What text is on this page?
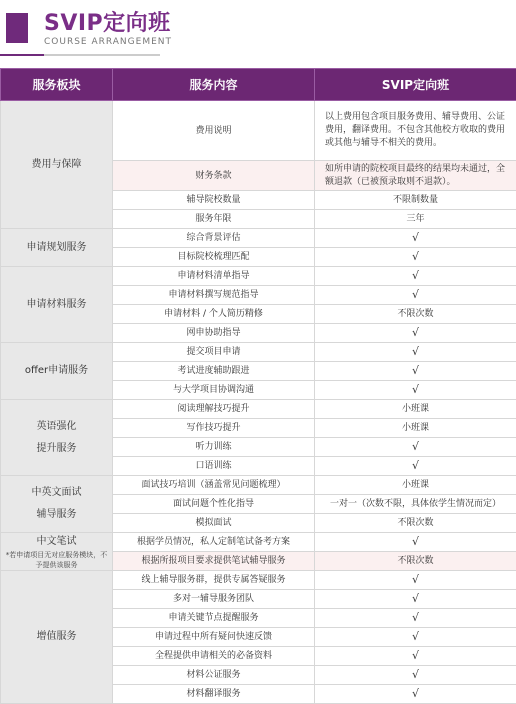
SVIP定向班
COURSE ARRANGEMENT
服务板块	服务内容	SVIP定向班

费用与保障	费用说明	以上费用包含项目服务费用、辅导费用、公证费用，翻译费用。不包含其他校方收取的费用或其他与辅导不相关的费用。
	财务条款	如所申请的院校项目最终的结果均未通过，全额退款（已被预录取则不退款）。
	辅导院校数量	不限制数量
	服务年限	三年

申请规划服务	综合背景评估	√
	目标院校梳理匹配	√

申请材料服务	申请材料清单指导	√
	申请材料撰写规范指导	√
	申请材料 / 个人简历精修	不限次数
	网申协助指导	√

offer申请服务	提交项目申请	√
	考试进度辅助跟进	√
	与大学项目协调沟通	√

英语强化
提升服务	阅读理解技巧提升	小班课
	写作技巧提升	小班课
	听力训练	√
	口语训练	√

中英文面试
辅导服务	面试技巧培训（涵盖常见问题梳理）	小班课
	面试问题个性化指导	一对一（次数不限，具体依学生情况而定）
	模拟面试	不限次数

中文笔试
*若申请项目无对应服务模块，不予提供该服务	根据学员情况，私人定制笔试备考方案	√
	根据所报项目要求提供笔试辅导服务	不限次数

增值服务	线上辅导服务群，提供专属答疑服务	√
	多对一辅导服务团队	√
	申请关键节点提醒服务	√
	申请过程中所有疑问快速反馈	√
	全程提供申请相关的必备资料	√
	材料公证服务	√
	材料翻译服务	√
